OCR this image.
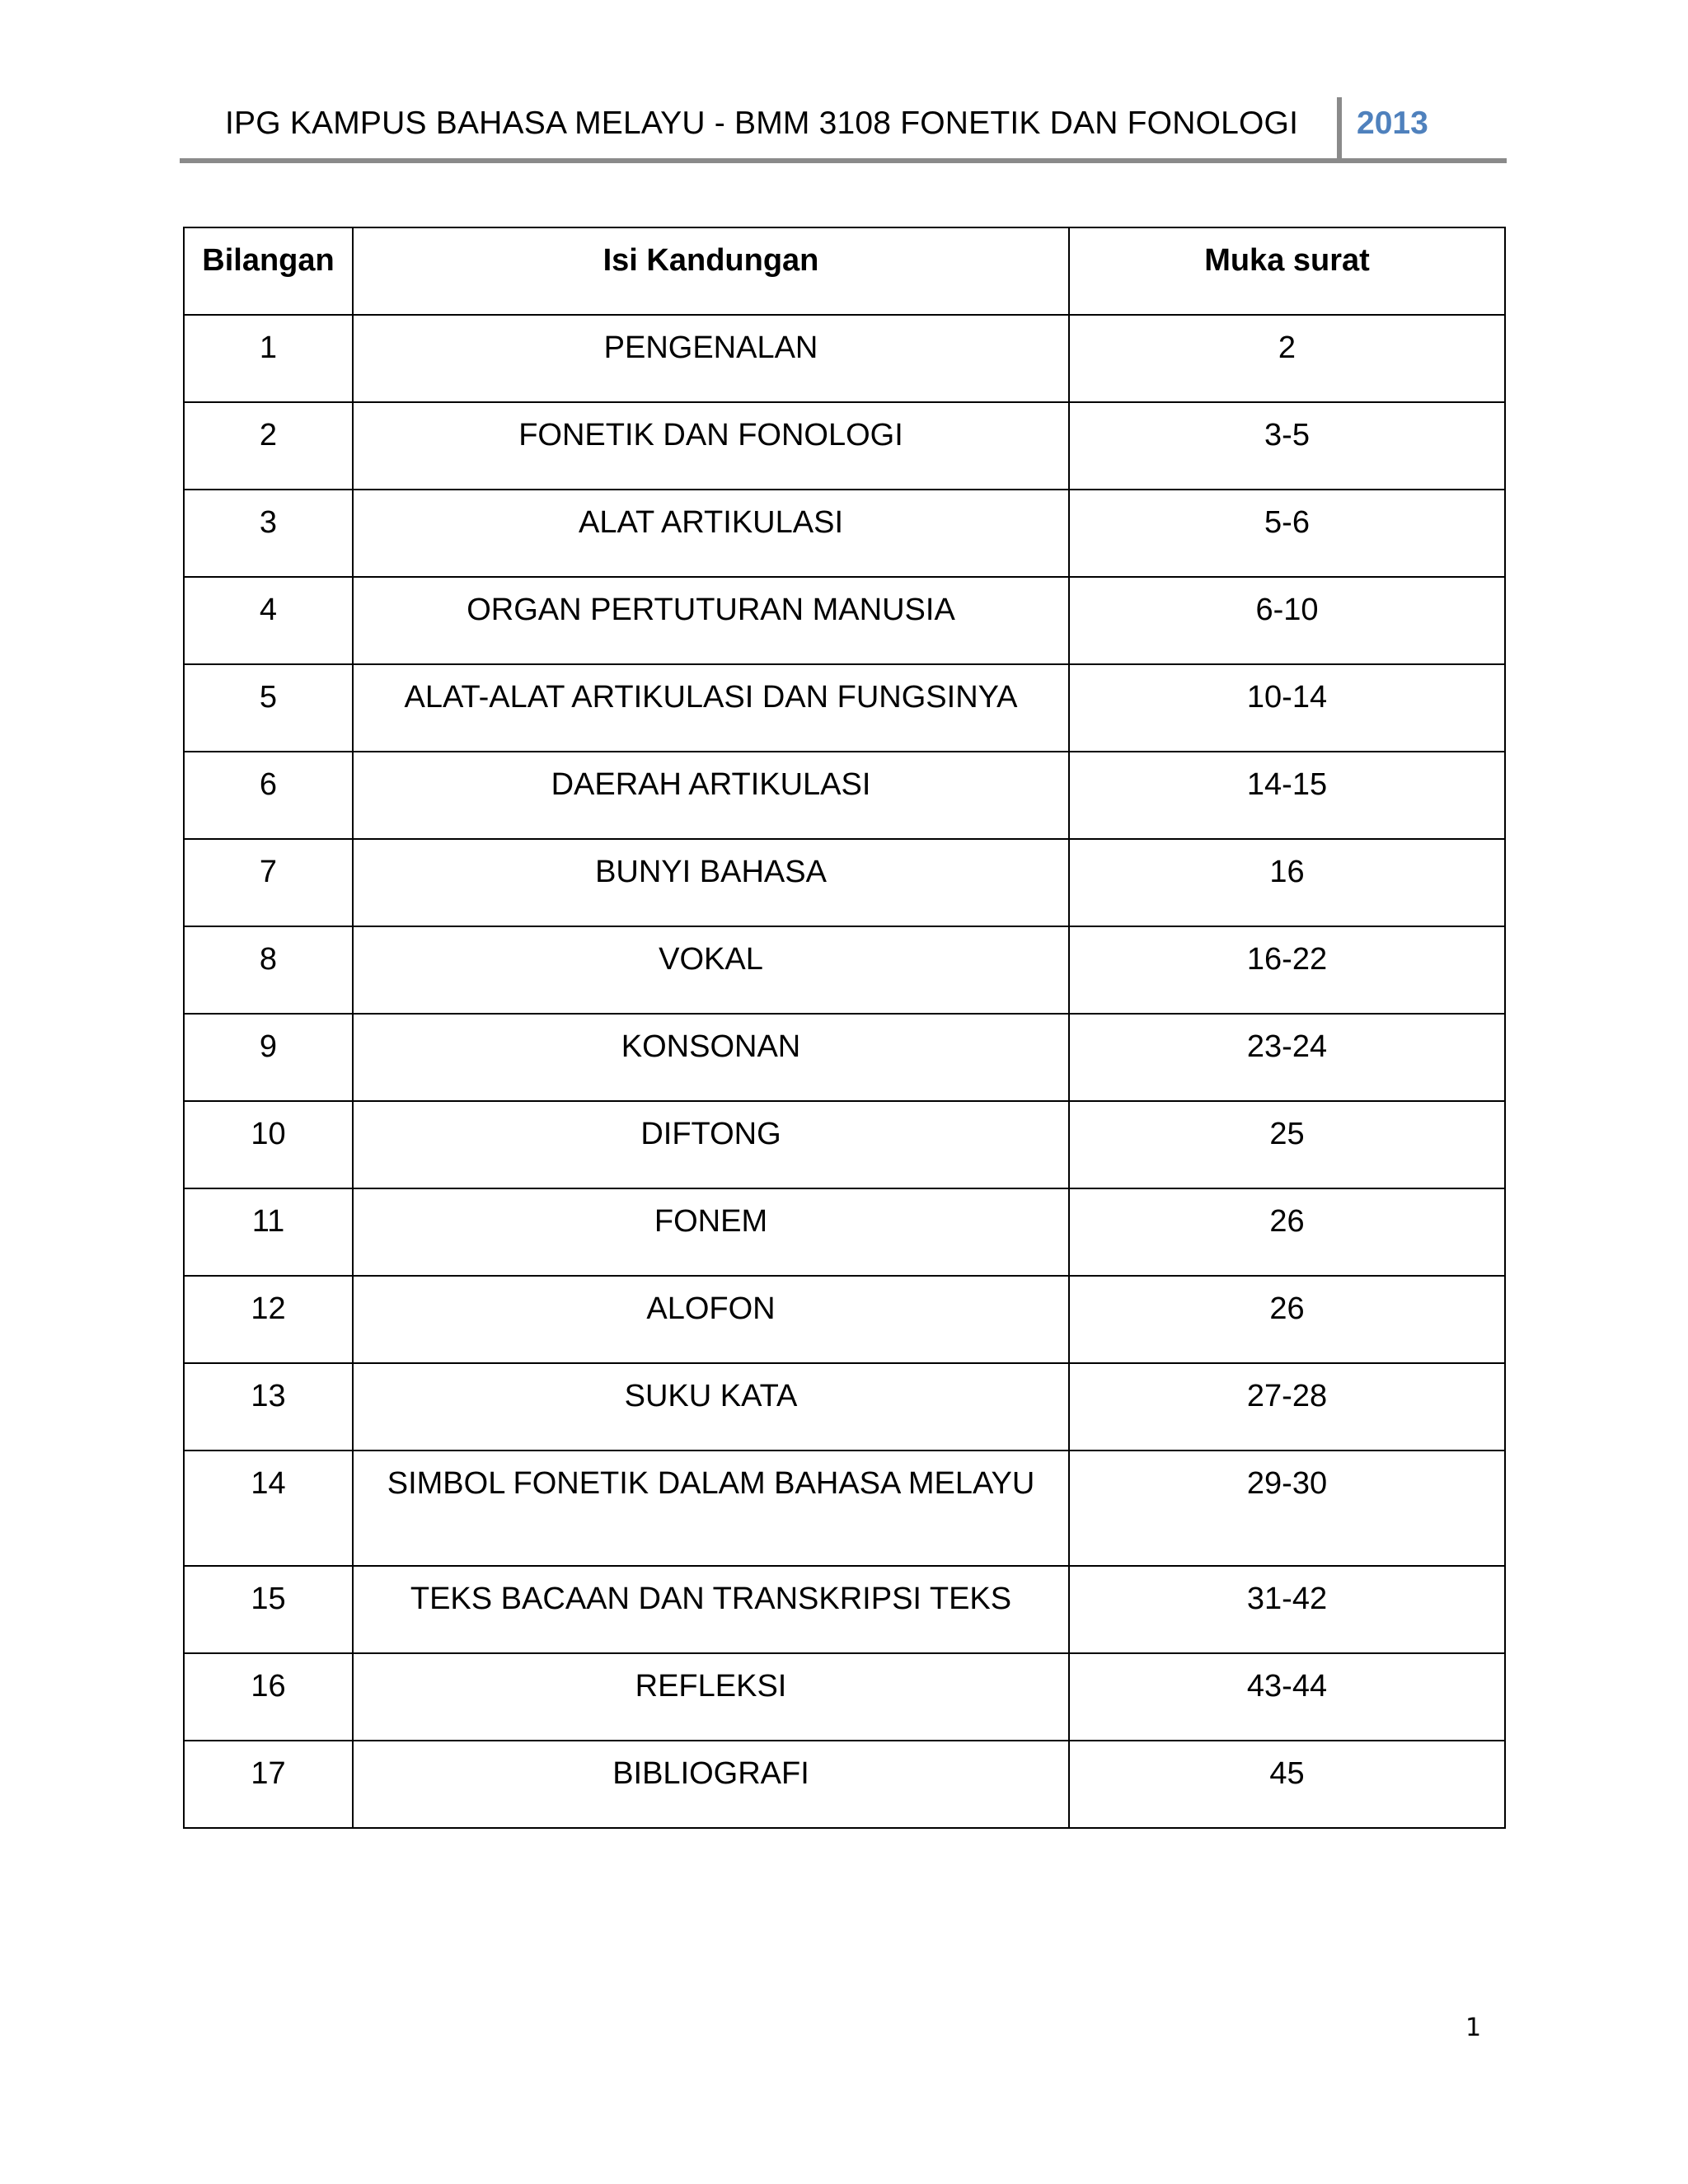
IPG KAMPUS BAHASA MELAYU - BMM 3108 FONETIK DAN FONOLOGI 2013
Bilangan	Isi Kandungan	Muka surat
1	PENGENALAN	2
2	FONETIK DAN FONOLOGI	3-5
3	ALAT ARTIKULASI	5-6
4	ORGAN PERTUTURAN MANUSIA	6-10
5	ALAT-ALAT ARTIKULASI DAN FUNGSINYA	10-14
6	DAERAH ARTIKULASI	14-15
7	BUNYI BAHASA	16
8	VOKAL	16-22
9	KONSONAN	23-24
10	DIFTONG	25
11	FONEM	26
12	ALOFON	26
13	SUKU KATA	27-28
14	SIMBOL FONETIK DALAM BAHASA MELAYU	29-30
15	TEKS BACAAN DAN TRANSKRIPSI TEKS	31-42
16	REFLEKSI	43-44
17	BIBLIOGRAFI	45
1
